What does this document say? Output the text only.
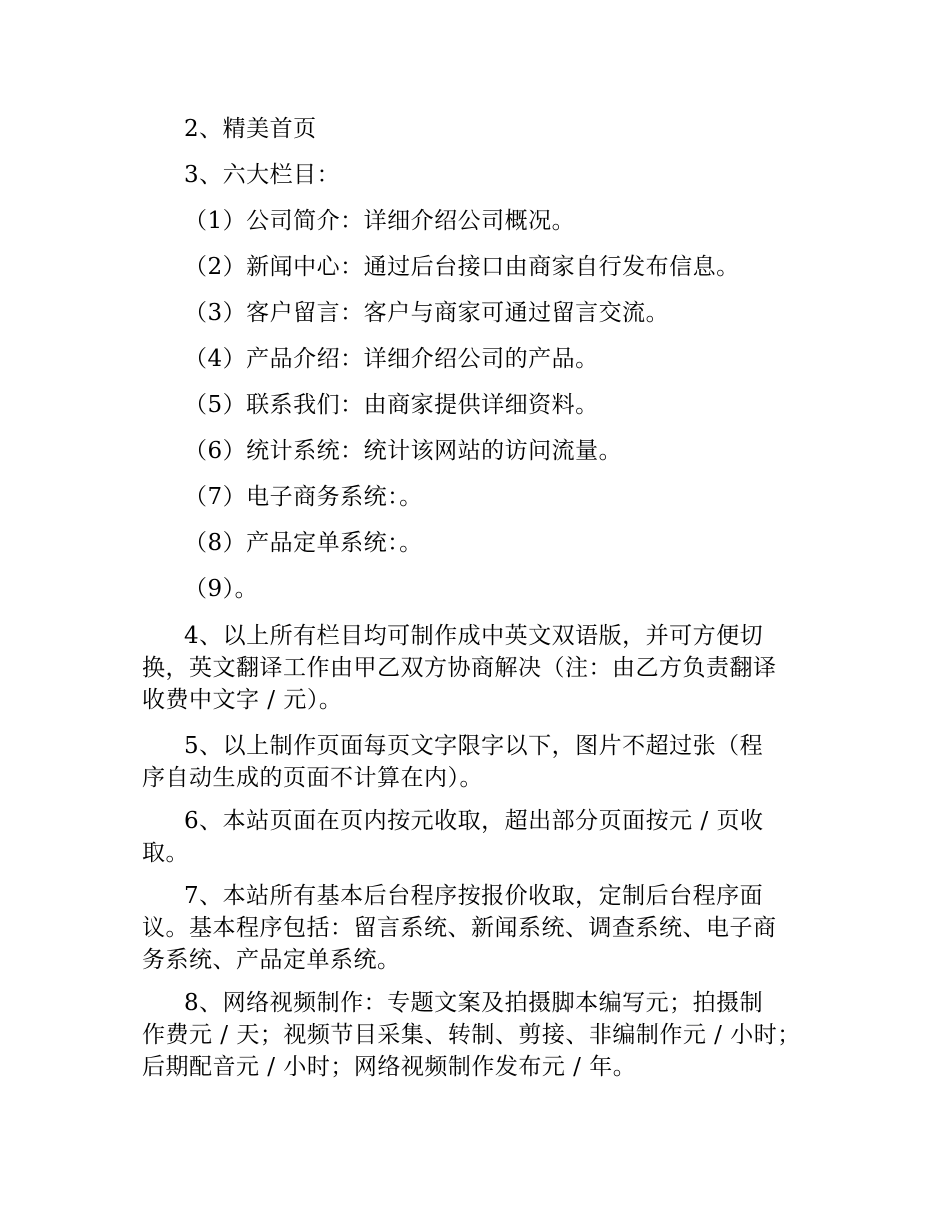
2、精美首页
3、六大栏目：
（1）公司简介：详细介绍公司概况。
（2）新闻中心：通过后台接口由商家自行发布信息。
（3）客户留言：客户与商家可通过留言交流。
（4）产品介绍：详细介绍公司的产品。
（5）联系我们：由商家提供详细资料。
（6）统计系统：统计该网站的访问流量。
（7）电子商务系统：。
（8）产品定单系统：。
（9）。
4、以上所有栏目均可制作成中英文双语版，并可方便切
换，英文翻译工作由甲乙双方协商解决（注：由乙方负责翻译
收费中文字 / 元）。
5、以上制作页面每页文字限字以下，图片不超过张（程
序自动生成的页面不计算在内）。
6、本站页面在页内按元收取，超出部分页面按元 / 页收
取。
7、本站所有基本后台程序按报价收取，定制后台程序面
议。基本程序包括：留言系统、新闻系统、调查系统、电子商
务系统、产品定单系统。
8、网络视频制作：专题文案及拍摄脚本编写元；拍摄制
作费元 / 天；视频节目采集、转制、剪接、非编制作元 / 小时；
后期配音元 / 小时；网络视频制作发布元 / 年。
